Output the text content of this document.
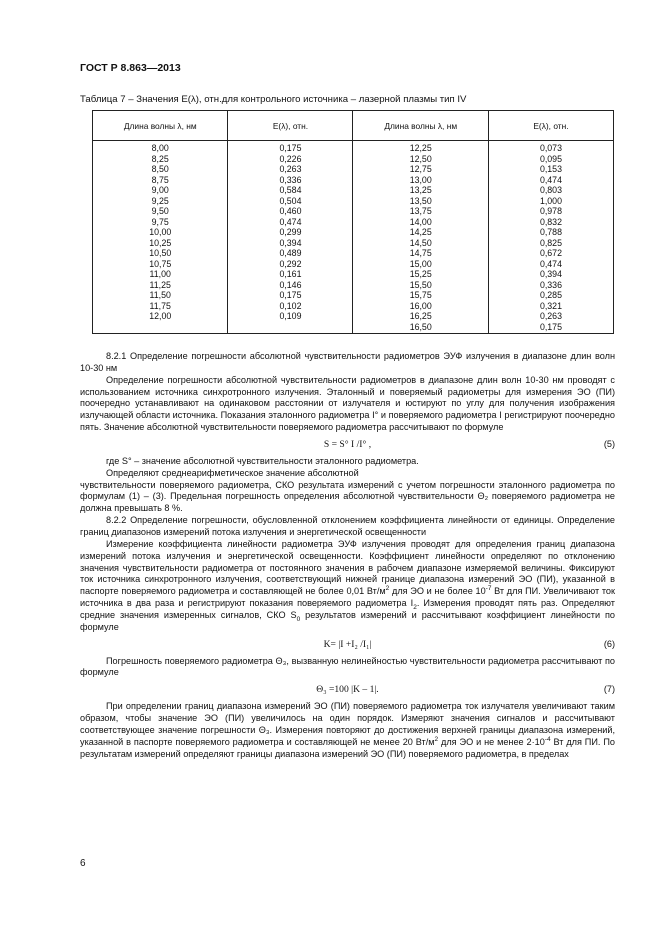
ГОСТ Р 8.863—2013
Таблица 7 – Значения E(λ), отн.для контрольного источника – лазерной плазмы тип IV
Длина волны λ, нм	E(λ), отн.	Длина волны λ, нм	E(λ), отн.
8,00	0,175	12,25	0,073
8,25	0,226	12,50	0,095
8,50	0,263	12,75	0,153
8,75	0,336	13,00	0,474
9,00	0,584	13,25	0,803
9,25	0,504	13,50	1,000
9,50	0,460	13,75	0,978
9,75	0,474	14,00	0,832
10,00	0,299	14,25	0,788
10,25	0,394	14,50	0,825
10,50	0,489	14,75	0,672
10,75	0,292	15,00	0,474
11,00	0,161	15,25	0,394
11,25	0,146	15,50	0,336
11,50	0,175	15,75	0,285
11,75	0,102	16,00	0,321
12,00	0,109	16,25	0,263
		16,50	0,175

8.2.1 Определение погрешности абсолютной чувствительности радиометров ЭУФ излучения в диапазоне длин волн 10-30 нм

Определение погрешности абсолютной чувствительности радиометров в диапазоне длин волн 10-30 нм проводят с использованием источника синхротронного излучения. Эталонный и поверяемый радиометры для измерения ЭО (ПИ) поочередно устанавливают на одинаковом расстоянии от излучателя и юстируют по углу для получения изображения излучающей области источника. Показания эталонного радиометра I° и поверяемого радиометра I регистрируют поочередно пять. Значение абсолютной чувствительности поверяемого радиометра рассчитывают по формуле

S = S° I /I° ,	(5)

где S° – значение абсолютной чувствительности эталонного радиометра.

Определяют среднеарифметическое значение абсолютной

чувствительности поверяемого радиометра, СКО результата измерений с учетом погрешности эталонного радиометра по формулам (1) – (3). Предельная погрешность определения абсолютной чувствительности Θ₂ поверяемого радиометра не должна превышать 8 %.

8.2.2 Определение погрешности, обусловленной отклонением коэффициента линейности от единицы. Определение границ диапазонов измерений потока излучения и энергетической освещенности

Измерение коэффициента линейности радиометра ЭУФ излучения проводят для определения границ диапазона измерений потока излучения и энергетической освещенности. Коэффициент линейности определяют по отклонению значения чувствительности радиометра от постоянного значения в рабочем диапазоне измеряемой величины. Фиксируют ток источника синхротронного излучения, соответствующий нижней границе диапазона измерений ЭО (ПИ), указанной в паспорте поверяемого радиометра и составляющей не более 0,01 $Вт/м^2$ для ЭО и не более $10^{-7}$ Вт для ПИ. Увеличивают ток источника в два раза и регистрируют показания поверяемого радиометра $I_2$. Измерения проводят пять раз. Определяют средние значения измеренных сигналов, СКО $S_0$ результатов измерений и рассчитывают коэффициент линейности по формуле

K= |I +I₂ /I₁|	(6)

Погрешность поверяемого радиометра Θ₃, вызванную нелинейностью чувствительности радиометра рассчитывают по формуле

Θ₃ =100 |K – 1|.	(7)

При определении границ диапазона измерений ЭО (ПИ) поверяемого радиометра ток излучателя увеличивают таким образом, чтобы значение ЭО (ПИ) увеличилось на один порядок. Измеряют значения сигналов и рассчитывают соответствующее значение погрешности Θ₃. Измерения повторяют до достижения верхней границы диапазона измерений, указанной в паспорте поверяемого радиометра и составляющей не менее 20 $Вт/м^2$ для ЭО и не менее $2\cdot 10^{-4}$ Вт для ПИ. По результатам измерений определяют границы диапазона измерений ЭО (ПИ) поверяемого радиометра, в пределах

6
